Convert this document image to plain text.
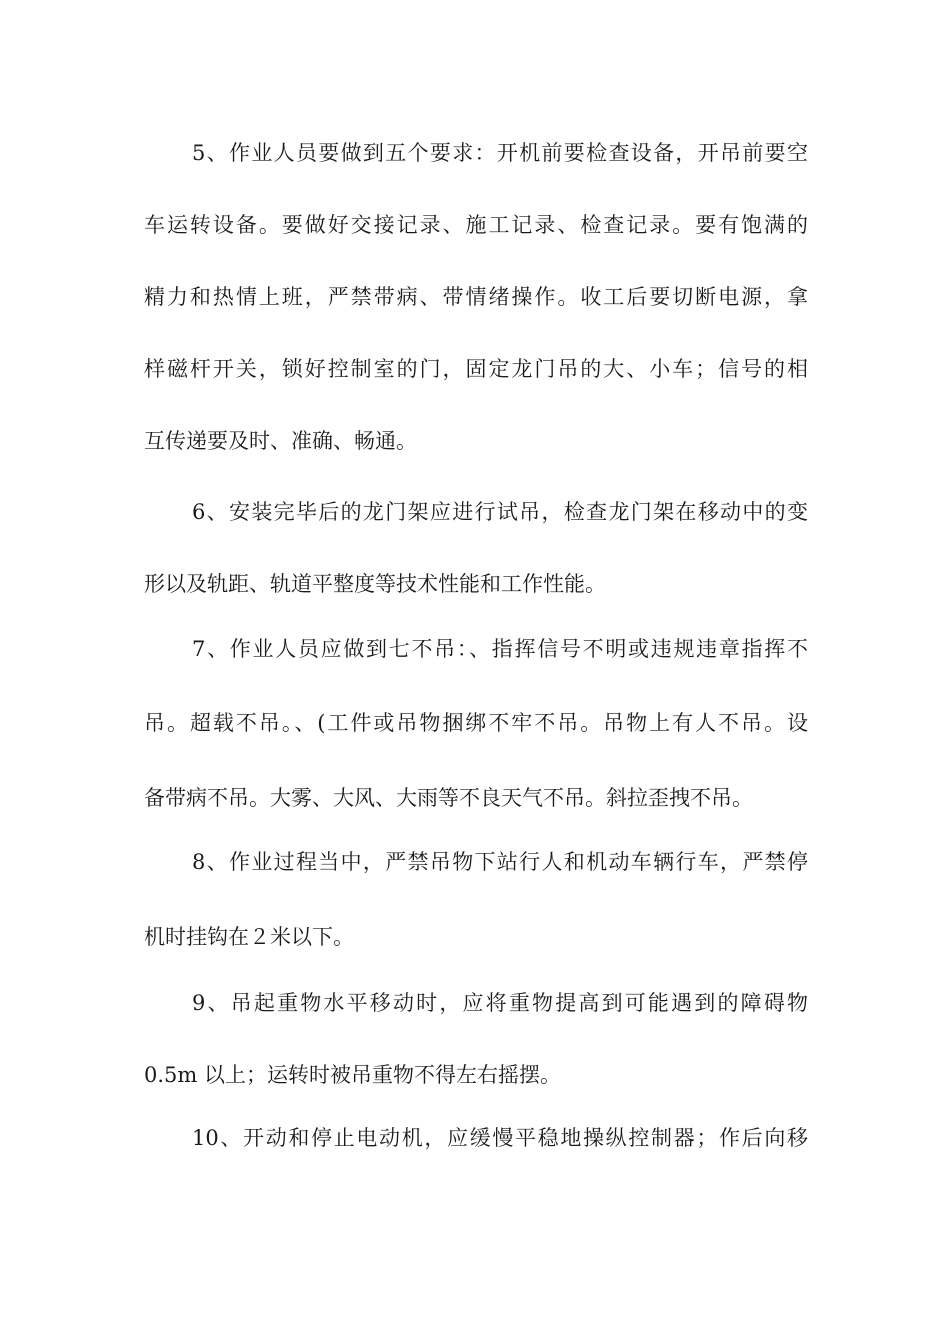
5、作业人员要做到五个要求：开机前要检查设备，开吊前要空
车运转设备。要做好交接记录、施工记录、检查记录。要有饱满的
精力和热情上班，严禁带病、带情绪操作。收工后要切断电源，拿
样磁杆开关，锁好控制室的门，固定龙门吊的大、小车；信号的相
互传递要及时、准确、畅通。
6、安装完毕后的龙门架应进行试吊，检查龙门架在移动中的变
形以及轨距、轨道平整度等技术性能和工作性能。
7、作业人员应做到七不吊：、指挥信号不明或违规违章指挥不
吊。超载不吊。、(工件或吊物捆绑不牢不吊。吊物上有人不吊。设
备带病不吊。大雾、大风、大雨等不良天气不吊。斜拉歪拽不吊。
8、作业过程当中，严禁吊物下站行人和机动车辆行车，严禁停
机时挂钩在２米以下。
9、吊起重物水平移动时，应将重物提高到可能遇到的障碍物
0.5m 以上；运转时被吊重物不得左右摇摆。
10、开动和停止电动机，应缓慢平稳地操纵控制器；作后向移
